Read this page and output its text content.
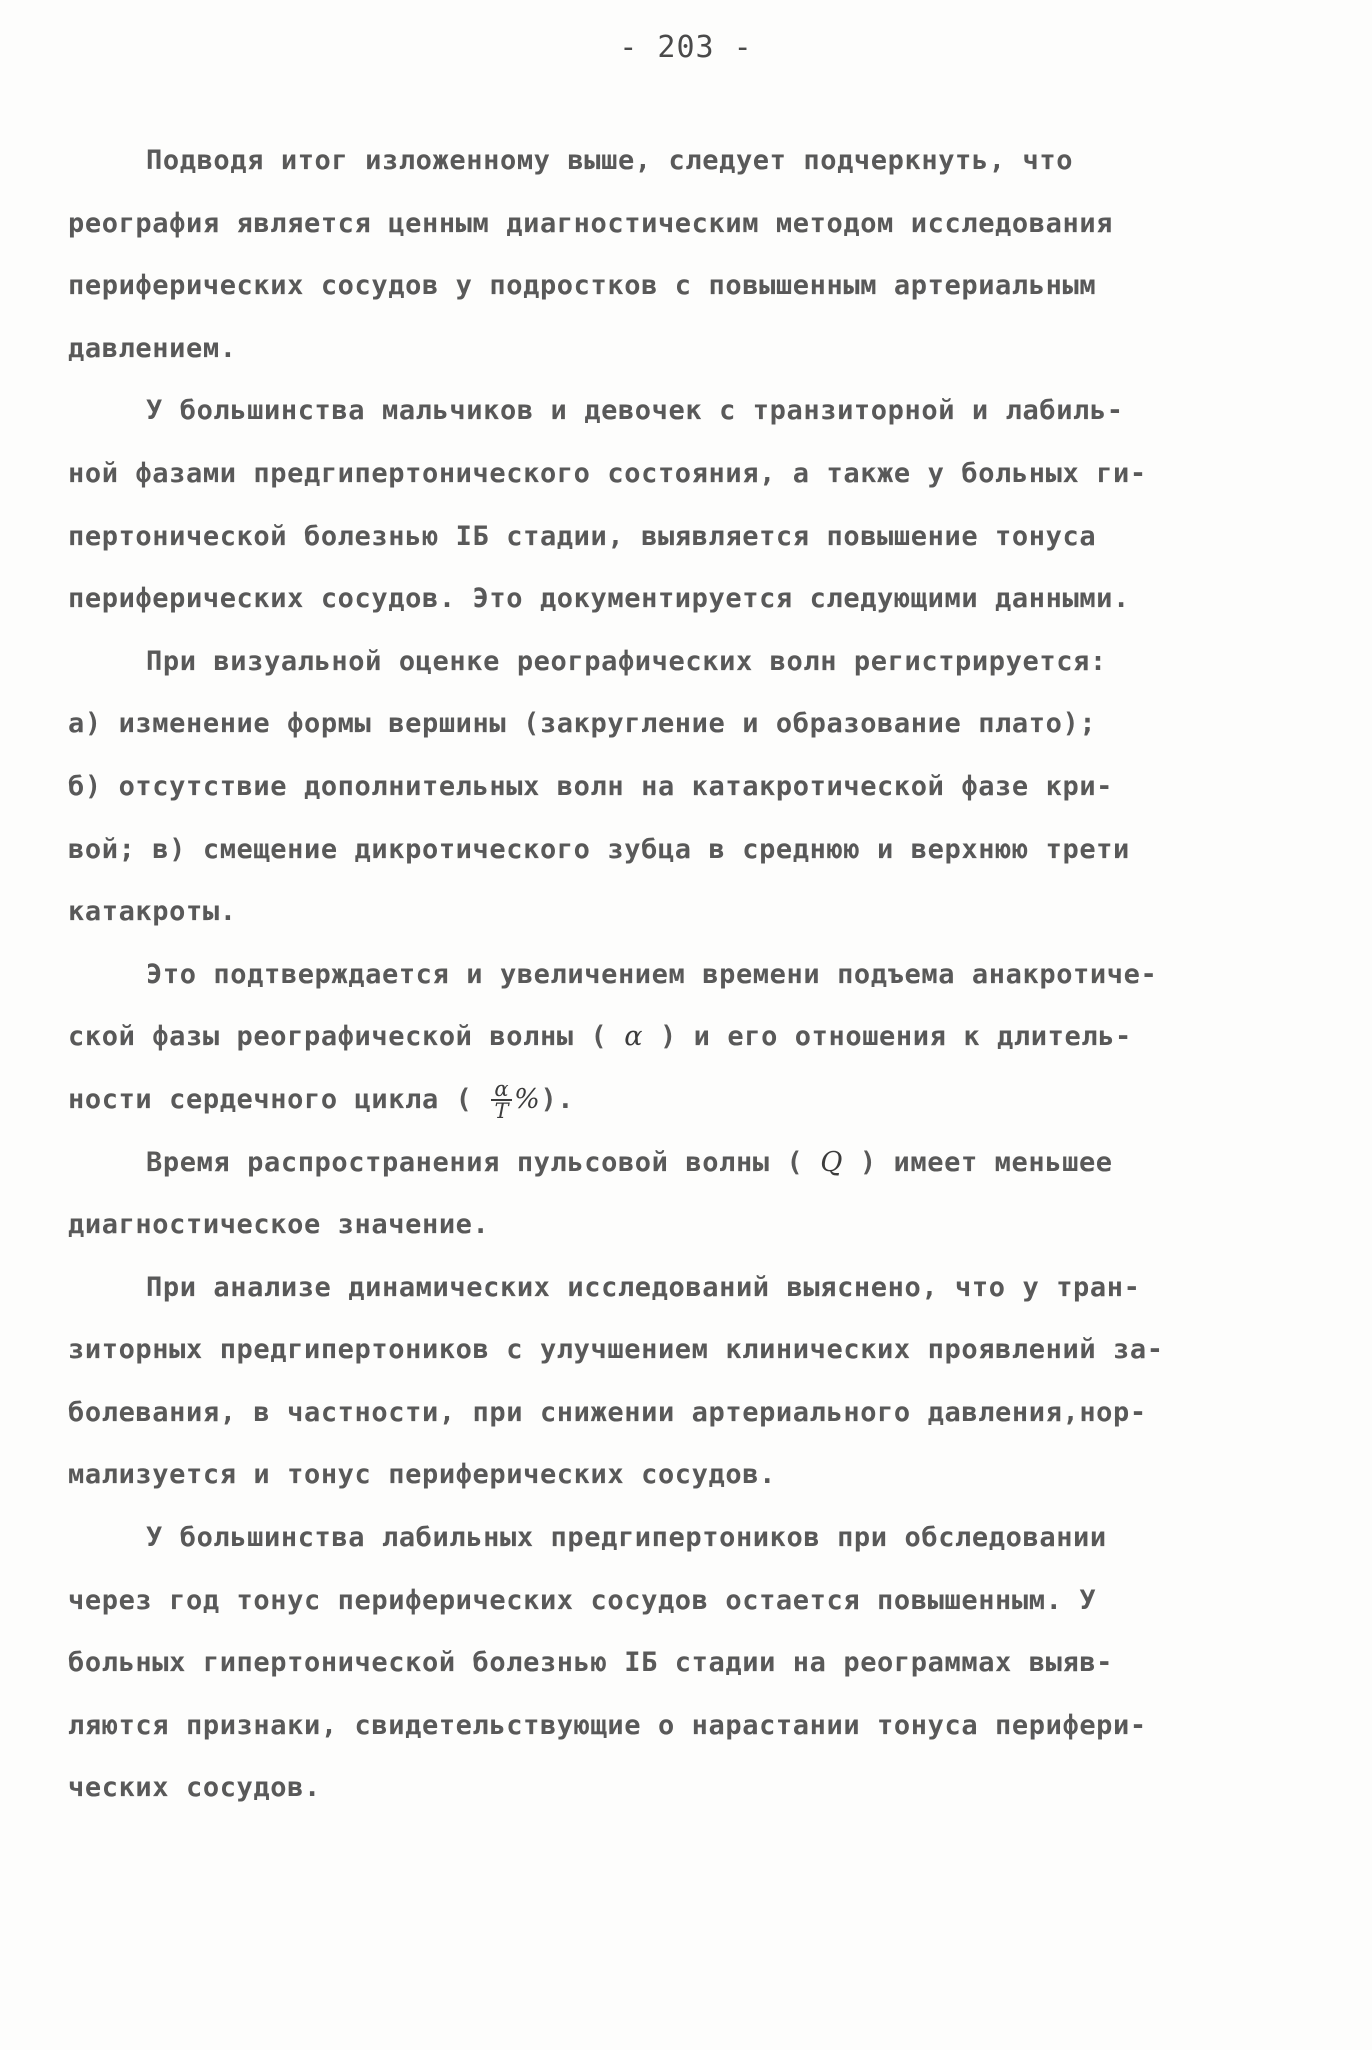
- 203 -
Подводя итог изложенному выше, следует подчеркнуть, что
реография является ценным диагностическим методом исследования
периферических сосудов у подростков с повышенным артериальным
давлением.
У большинства мальчиков и девочек с транзиторной и лабиль-
ной фазами предгипертонического состояния, а также у больных ги-
пертонической болезнью IБ стадии, выявляется повышение тонуса
периферических сосудов. Это документируется следующими данными.
При визуальной оценке реографических волн регистрируется:
а) изменение формы вершины (закругление и образование плато);
б) отсутствие дополнительных волн на катакротической фазе кри-
вой; в) смещение дикротического зубца в среднюю и верхнюю трети
катакроты.
Это подтверждается и увеличением времени подъема анакротиче-
ской фазы реографической волны ( α ) и его отношения к длитель-
ности сердечного цикла ( $\frac{\alpha}{T}$ %).
Время распространения пульсовой волны ( Q ) имеет меньшее
диагностическое значение.
При анализе динамических исследований выяснено, что у тран-
зиторных предгипертоников с улучшением клинических проявлений за-
болевания, в частности, при снижении артериального давления,нор-
мализуется и тонус периферических сосудов.
У большинства лабильных предгипертоников при обследовании
через год тонус периферических сосудов остается повышенным. У
больных гипертонической болезнью IБ стадии на реограммах выяв-
ляются признаки, свидетельствующие о нарастании тонуса перифери-
ческих сосудов.
